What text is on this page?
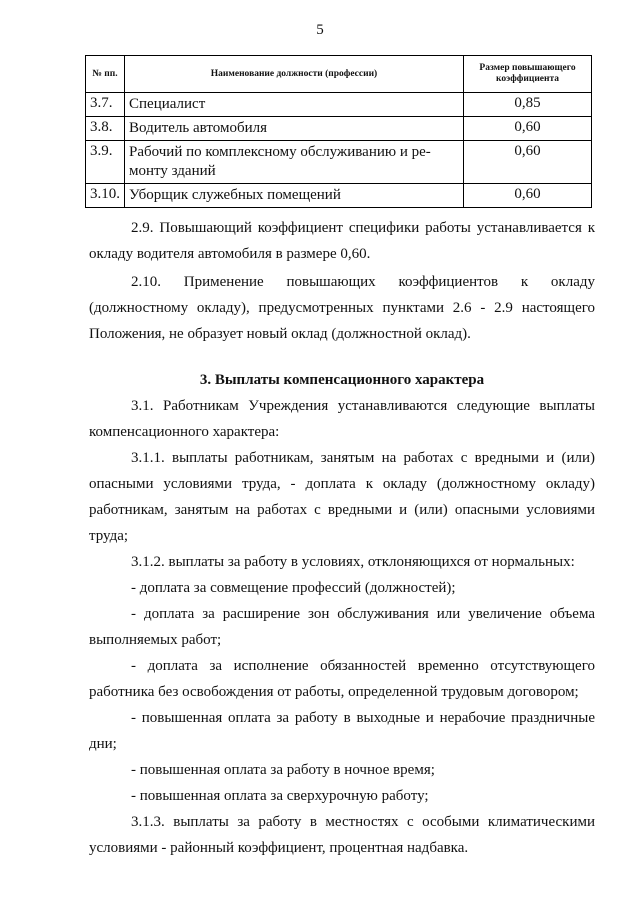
5
№ пп.	Наименование должности (профессии)	Размер повышающего коэффициента
3.7.	Специалист	0,85
3.8.	Водитель автомобиля	0,60
3.9.	Рабочий по комплексному обслуживанию и ре-монту зданий	0,60
3.10.	Уборщик служебных помещений	0,60

2.9. Повышающий коэффициент специфики работы устанавливается к окладу водителя автомобиля в размере 0,60.

2.10. Применение повышающих коэффициентов к окладу

(должностному окладу), предусмотренных пунктами 2.6 - 2.9 настоящего Положения, не образует новый оклад (должностной оклад).

3. Выплаты компенсационного характера

3.1. Работникам Учреждения устанавливаются следующие выплаты компенсационного характера:

3.1.1. выплаты работникам, занятым на работах с вредными и (или) опасными условиями труда, - доплата к окладу (должностному окладу) работникам, занятым на работах с вредными и (или) опасными условиями труда;

3.1.2. выплаты за работу в условиях, отклоняющихся от нормальных:

- доплата за совмещение профессий (должностей);

- доплата за расширение зон обслуживания или увеличение объема выполняемых работ;

- доплата за исполнение обязанностей временно отсутствующего работника без освобождения от работы, определенной трудовым договором;

- повышенная оплата за работу в выходные и нерабочие праздничные дни;

- повышенная оплата за работу в ночное время;

- повышенная оплата за сверхурочную работу;

3.1.3. выплаты за работу в местностях с особыми климатическими условиями - районный коэффициент, процентная надбавка.
